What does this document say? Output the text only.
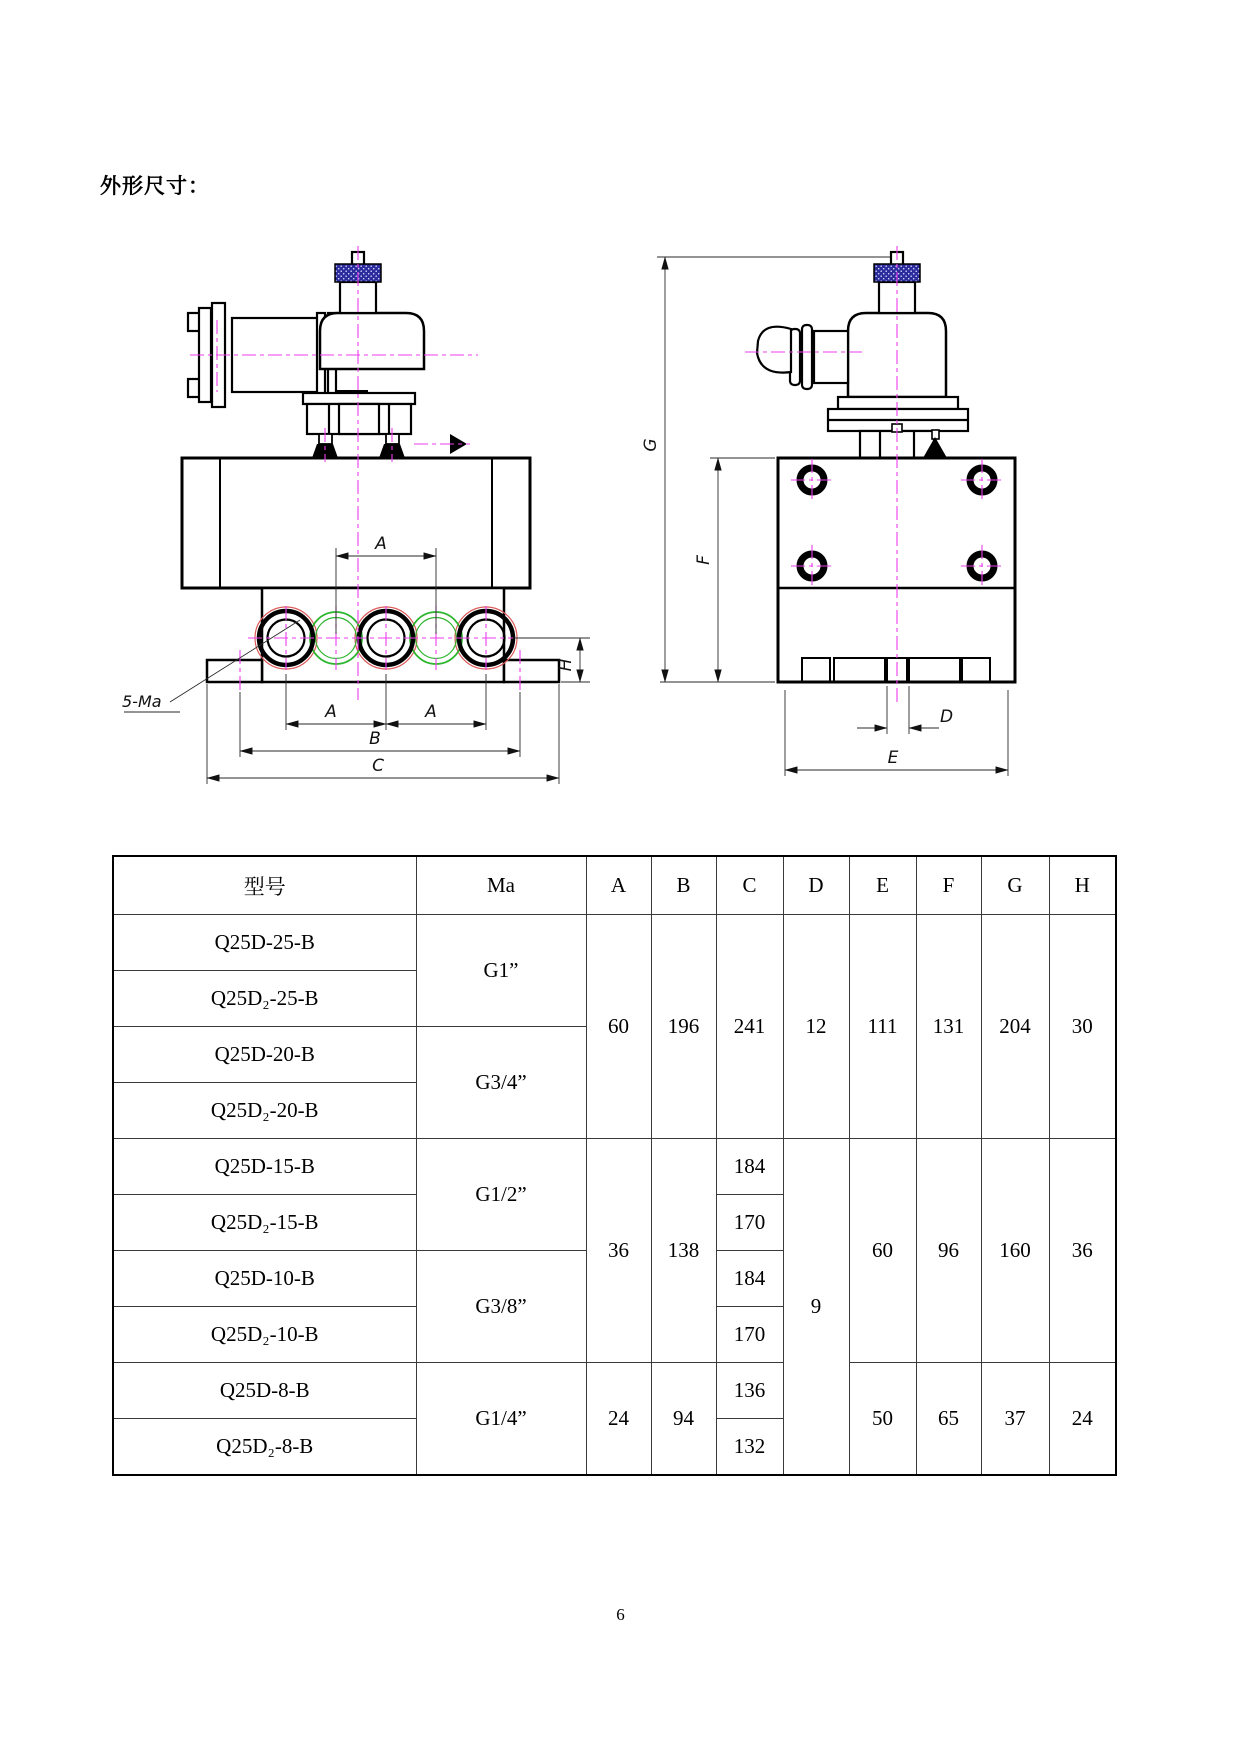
外形尺寸：
A
A	A
B
C
H
5-Ma
G
F
D
E
型号	Ma	A	B	C	D	E	F	G	H
Q25D-25-B	G1”	60	196	241	12	111	131	204	30
Q25D₂-25-B									
Q25D-20-B	G3/4”								
Q25D₂-20-B									
Q25D-15-B	G1/2”	36	138	184	9	60	96	160	36
Q25D₂-15-B				170					
Q25D-10-B	G3/8”			184					
Q25D₂-10-B				170					
Q25D-8-B	G1/4”	24	94	136		50	65	37	24
Q25D₂-8-B				132					
6
